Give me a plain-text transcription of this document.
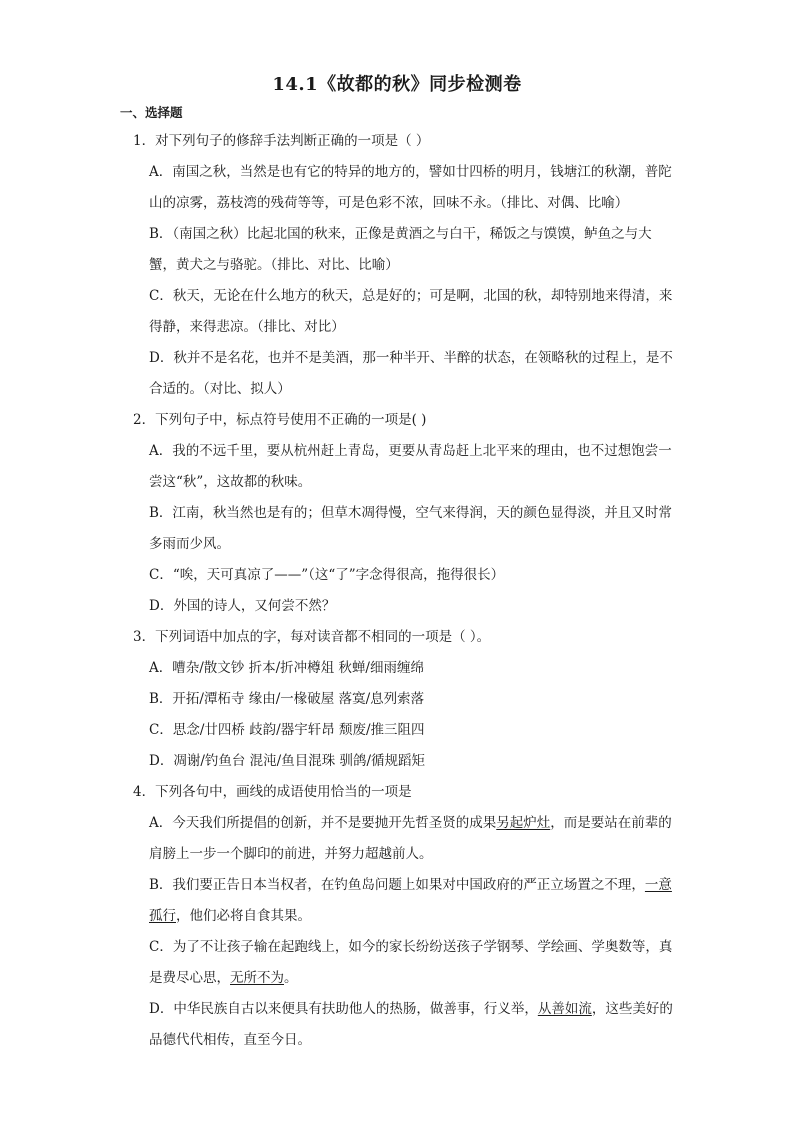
14.1《故都的秋》同步检测卷
一、选择题
1．对下列句子的修辞手法判断正确的一项是（ ）
A．南国之秋，当然是也有它的特异的地方的，譬如廿四桥的明月，钱塘江的秋潮，普陀山的凉雾，荔枝湾的残荷等等，可是色彩不浓，回味不永。（排比、对偶、比喻）
B．（南国之秋）比起北国的秋来，正像是黄酒之与白干，稀饭之与馍馍，鲈鱼之与大蟹，黄犬之与骆驼。（排比、对比、比喻）
C．秋天，无论在什么地方的秋天，总是好的；可是啊，北国的秋，却特别地来得清，来得静，来得悲凉。（排比、对比）
D．秋并不是名花，也并不是美酒，那一种半开、半醉的状态，在领略秋的过程上，是不合适的。（对比、拟人）
2．下列句子中，标点符号使用不正确的一项是( )
A．我的不远千里，要从杭州赶上青岛，更要从青岛赶上北平来的理由，也不过想饱尝一尝这“秋”，这故都的秋味。
B．江南，秋当然也是有的；但草木凋得慢，空气来得润，天的颜色显得淡，并且又时常多雨而少风。
C．“唉，天可真凉了——”（这“了”字念得很高，拖得很长）
D．外国的诗人，又何尝不然？
3．下列词语中加点的字，每对读音都不相同的一项是（ ）。
A．嘈杂/散文钞 折本/折冲樽俎 秋蝉/细雨缠绵
B．开拓/潭柘寺 缘由/一椽破屋 落寞/息列索落
C．思念/廿四桥 歧韵/器宇轩昂 颓废/推三阻四
D．凋谢/钓鱼台 混沌/鱼目混珠 驯鸽/循规蹈矩
4．下列各句中，画线的成语使用恰当的一项是
A．今天我们所提倡的创新，并不是要抛开先哲圣贤的成果另起炉灶，而是要站在前辈的肩膀上一步一个脚印的前进，并努力超越前人。
B．我们要正告日本当权者，在钓鱼岛问题上如果对中国政府的严正立场置之不理，一意孤行，他们必将自食其果。
C．为了不让孩子输在起跑线上，如今的家长纷纷送孩子学钢琴、学绘画、学奥数等，真是费尽心思，无所不为。
D．中华民族自古以来便具有扶助他人的热肠，做善事，行义举，从善如流，这些美好的品德代代相传，直至今日。
